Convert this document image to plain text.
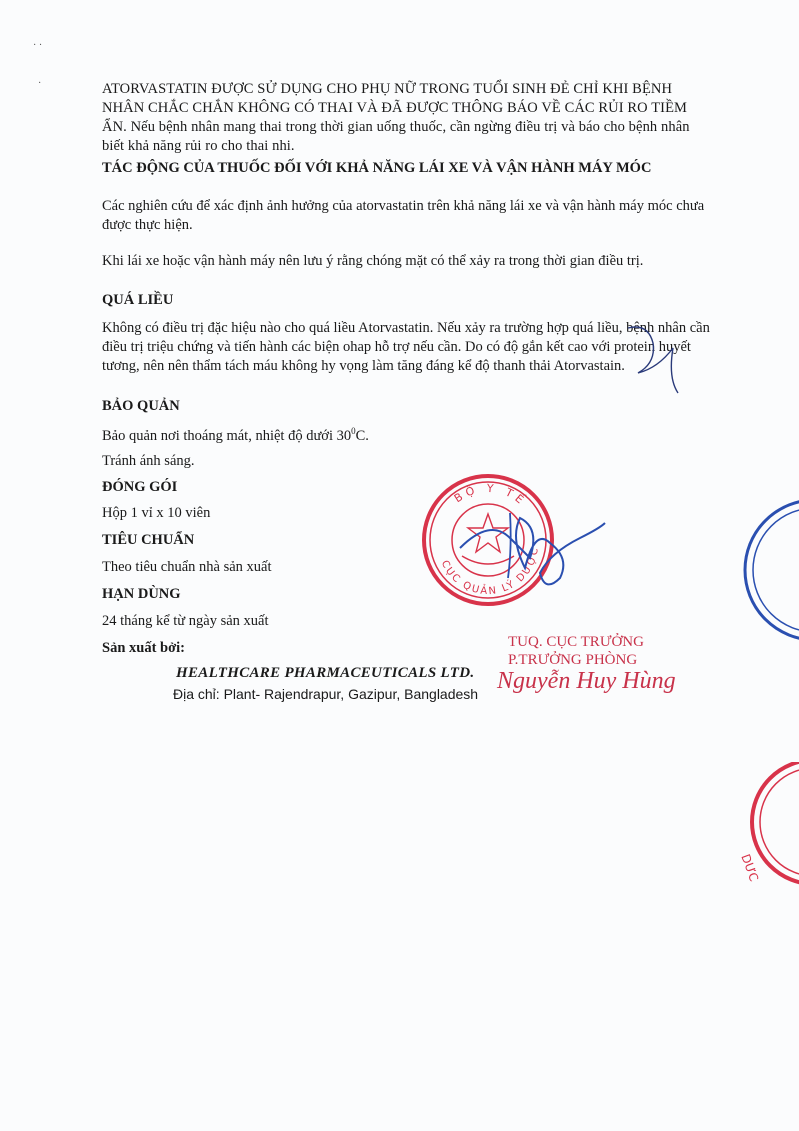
· ·
·	ATORVASTATIN ĐƯỢC SỬ DỤNG CHO PHỤ NỮ TRONG TUỔI SINH ĐẺ CHỈ KHI BỆNH NHÂN CHẮC CHẮN KHÔNG CÓ THAI VÀ ĐÃ ĐƯỢC THÔNG BÁO VỀ CÁC RỦI RO TIỀM ẨN. Nếu bệnh nhân mang thai trong thời gian uống thuốc, cần ngừng điều trị và báo cho bệnh nhân biết khả năng rủi ro cho thai nhi.
TÁC ĐỘNG CỦA THUỐC ĐỐI VỚI KHẢ NĂNG LÁI XE VÀ VẬN HÀNH MÁY MÓC
Các nghiên cứu để xác định ảnh hưởng của atorvastatin trên khả năng lái xe và vận hành máy móc chưa được thực hiện.
Khi lái xe hoặc vận hành máy nên lưu ý rằng chóng mặt có thể xảy ra trong thời gian điều trị.
QUÁ LIỀU
Không có điều trị đặc hiệu nào cho quá liều Atorvastatin. Nếu xảy ra trường hợp quá liều, bệnh nhân cần điều trị triệu chứng và tiến hành các biện ohap hỗ trợ nếu cần. Do có độ gắn kết cao với protein huyết tương, nên nên thẩm tách máu không hy vọng làm tăng đáng kể độ thanh thải Atorvastain.
BẢO QUẢN
Bảo quản nơi thoáng mát, nhiệt độ dưới $30^0C$.
Tránh ánh sáng.
ĐÓNG GÓI
Hộp 1 vỉ x 10 viên
TIÊU CHUẨN
Theo tiêu chuẩn nhà sản xuất
HẠN DÙNG
24 tháng kể từ ngày sản xuất
Sản xuất bởi:
HEALTHCARE PHARMACEUTICALS LTD.
Địa chỉ: Plant- Rajendrapur, Gazipur, Bangladesh
BỘ Y TẾ
CỤC QUẢN LÝ DƯỢC
TUQ. CỤC TRƯỞNG
P.TRƯỞNG PHÒNG
Nguyễn Huy Hùng
DƯC
